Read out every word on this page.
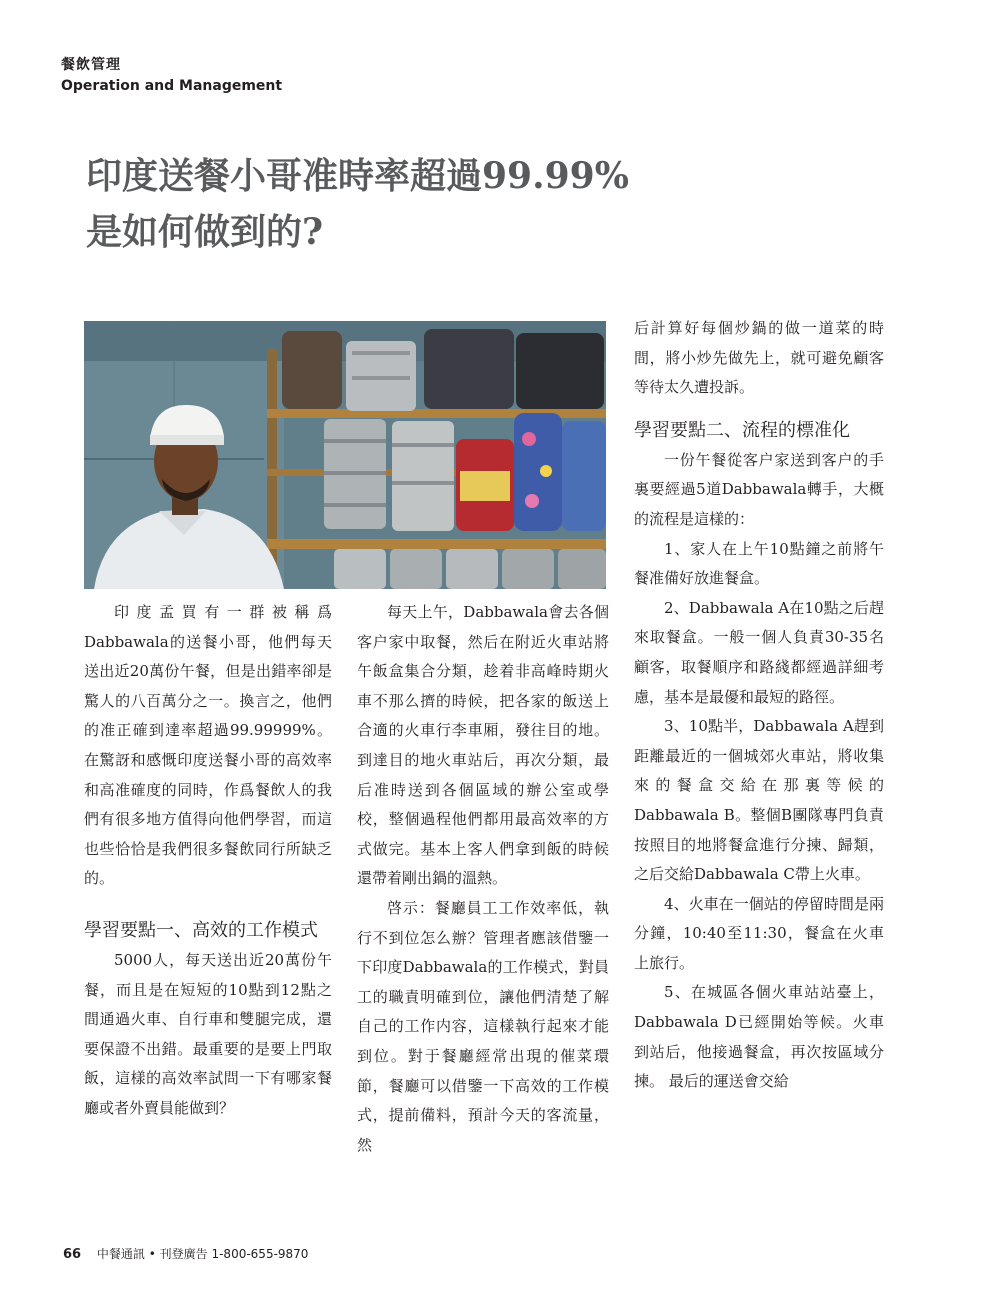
餐飲管理
Operation and Management
印度送餐小哥准時率超過99.99%
是如何做到的?

印度孟買有一群被稱爲Dabbawala的送餐小哥，他們每天送出近20萬份午餐，但是出錯率卻是驚人的八百萬分之一。換言之，他們的准正確到達率超過99.99999%。在驚訝和感慨印度送餐小哥的高效率和高准確度的同時，作爲餐飲人的我們有很多地方值得向他們學習，而這也些恰恰是我們很多餐飲同行所缺乏的。

學習要點一、高效的工作模式

5000人，每天送出近20萬份午餐，而且是在短短的10點到12點之間通過火車、自行車和雙腿完成，還要保證不出錯。最重要的是要上門取飯，這樣的高效率試問一下有哪家餐廳或者外賣員能做到？

每天上午，Dabbawala會去各個客户家中取餐，然后在附近火車站將午飯盒集合分類，趁着非高峰時期火車不那么擠的時候，把各家的飯送上合適的火車行李車厢，發往目的地。到達目的地火車站后，再次分類，最后准時送到各個區域的辦公室或學校，整個過程他們都用最高效率的方式做完。基本上客人們拿到飯的時候還帶着剛出鍋的溫熱。

啓示：餐廳員工工作效率低，執行不到位怎么辦？管理者應該借鑒一下印度Dabbawala的工作模式，對員工的職責明確到位，讓他們清楚了解自己的工作内容，這樣執行起來才能到位。對于餐廳經常出現的催菜環節，餐廳可以借鑒一下高效的工作模式，提前備料，預計今天的客流量，然

后計算好每個炒鍋的做一道菜的時間，將小炒先做先上，就可避免顧客等待太久遭投訴。

學習要點二、流程的標准化

一份午餐從客户家送到客户的手裏要經過5道Dabbawala轉手，大概的流程是這樣的：

1、家人在上午10點鐘之前將午餐准備好放進餐盒。

2、Dabbawala A在10點之后趕來取餐盒。一般一個人負責30-35名顧客，取餐順序和路綫都經過詳細考慮，基本是最優和最短的路徑。

3、10點半，Dabbawala A趕到距離最近的一個城郊火車站，將收集來的餐盒交給在那裏等候的Dabbawala B。整個B團隊專門負責按照目的地將餐盒進行分揀、歸類，之后交給Dabbawala C帶上火車。

4、火車在一個站的停留時間是兩分鐘，10:40至11:30，餐盒在火車上旅行。

5、在城區各個火車站站臺上，Dabbawala D已經開始等候。火車到站后，他接過餐盒，再次按區域分揀。 最后的運送會交給

66 中餐通訊 • 刊登廣告 1-800-655-9870
